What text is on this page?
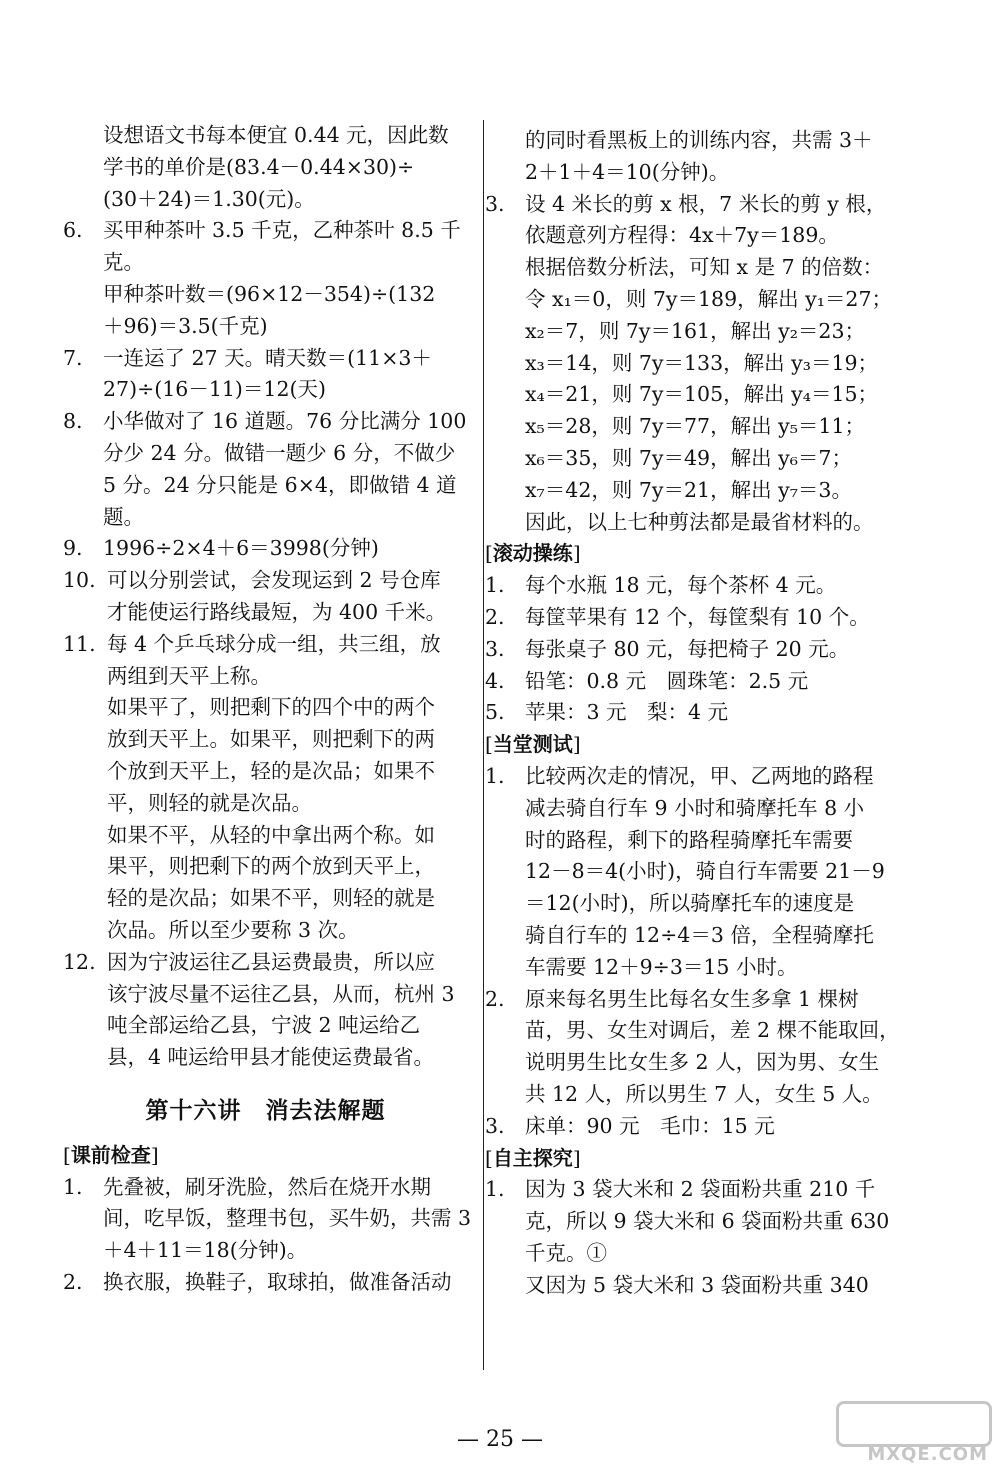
设想语文书每本便宜 0.44 元，因此数
学书的单价是(83.4－0.44×30)÷
(30＋24)＝1.30(元)。
6. 买甲种茶叶 3.5 千克，乙种茶叶 8.5 千
克。
甲种茶叶数＝(96×12－354)÷(132
＋96)＝3.5(千克)
7. 一连运了 27 天。晴天数＝(11×3＋
27)÷(16－11)＝12(天)
8. 小华做对了 16 道题。76 分比满分 100
分少 24 分。做错一题少 6 分，不做少
5 分。24 分只能是 6×4，即做错 4 道
题。
9. 1996÷2×4＋6＝3998(分钟)
10. 可以分别尝试，会发现运到 2 号仓库
才能使运行路线最短，为 400 千米。
11. 每 4 个乒乓球分成一组，共三组，放
两组到天平上称。
如果平了，则把剩下的四个中的两个
放到天平上。如果平，则把剩下的两
个放到天平上，轻的是次品；如果不
平，则轻的就是次品。
如果不平，从轻的中拿出两个称。如
果平，则把剩下的两个放到天平上，
轻的是次品；如果不平，则轻的就是
次品。所以至少要称 3 次。
12. 因为宁波运往乙县运费最贵，所以应
该宁波尽量不运往乙县，从而，杭州 3
吨全部运给乙县，宁波 2 吨运给乙
县，4 吨运给甲县才能使运费最省。
第十六讲　消去法解题
[课前检查]
1. 先叠被，刷牙洗脸，然后在烧开水期
间，吃早饭，整理书包，买牛奶，共需 3
＋4＋11＝18(分钟)。
2. 换衣服，换鞋子，取球拍，做准备活动
的同时看黑板上的训练内容，共需 3＋
2＋1＋4＝10(分钟)。
3. 设 4 米长的剪 x 根，7 米长的剪 y 根，
依题意列方程得：4x＋7y＝189。
根据倍数分析法，可知 x 是 7 的倍数：
令 x₁＝0，则 7y＝189，解出 y₁＝27；
x₂＝7，则 7y＝161，解出 y₂＝23；
x₃＝14，则 7y＝133，解出 y₃＝19；
x₄＝21，则 7y＝105，解出 y₄＝15；
x₅＝28，则 7y＝77，解出 y₅＝11；
x₆＝35，则 7y＝49，解出 y₆＝7；
x₇＝42，则 7y＝21，解出 y₇＝3。
因此，以上七种剪法都是最省材料的。
[滚动操练]
1. 每个水瓶 18 元，每个茶杯 4 元。
2. 每筐苹果有 12 个，每筐梨有 10 个。
3. 每张桌子 80 元，每把椅子 20 元。
4. 铅笔：0.8 元　圆珠笔：2.5 元
5. 苹果：3 元　梨：4 元
[当堂测试]
1. 比较两次走的情况，甲、乙两地的路程
减去骑自行车 9 小时和骑摩托车 8 小
时的路程，剩下的路程骑摩托车需要
12－8＝4(小时)，骑自行车需要 21－9
＝12(小时)，所以骑摩托车的速度是
骑自行车的 12÷4＝3 倍，全程骑摩托
车需要 12＋9÷3＝15 小时。
2. 原来每名男生比每名女生多拿 1 棵树
苗，男、女生对调后，差 2 棵不能取回，
说明男生比女生多 2 人，因为男、女生
共 12 人，所以男生 7 人，女生 5 人。
3. 床单：90 元　毛巾：15 元
[自主探究]
1. 因为 3 袋大米和 2 袋面粉共重 210 千
克，所以 9 袋大米和 6 袋面粉共重 630
千克。①
又因为 5 袋大米和 3 袋面粉共重 340
— 25 —
MXQE.COM
